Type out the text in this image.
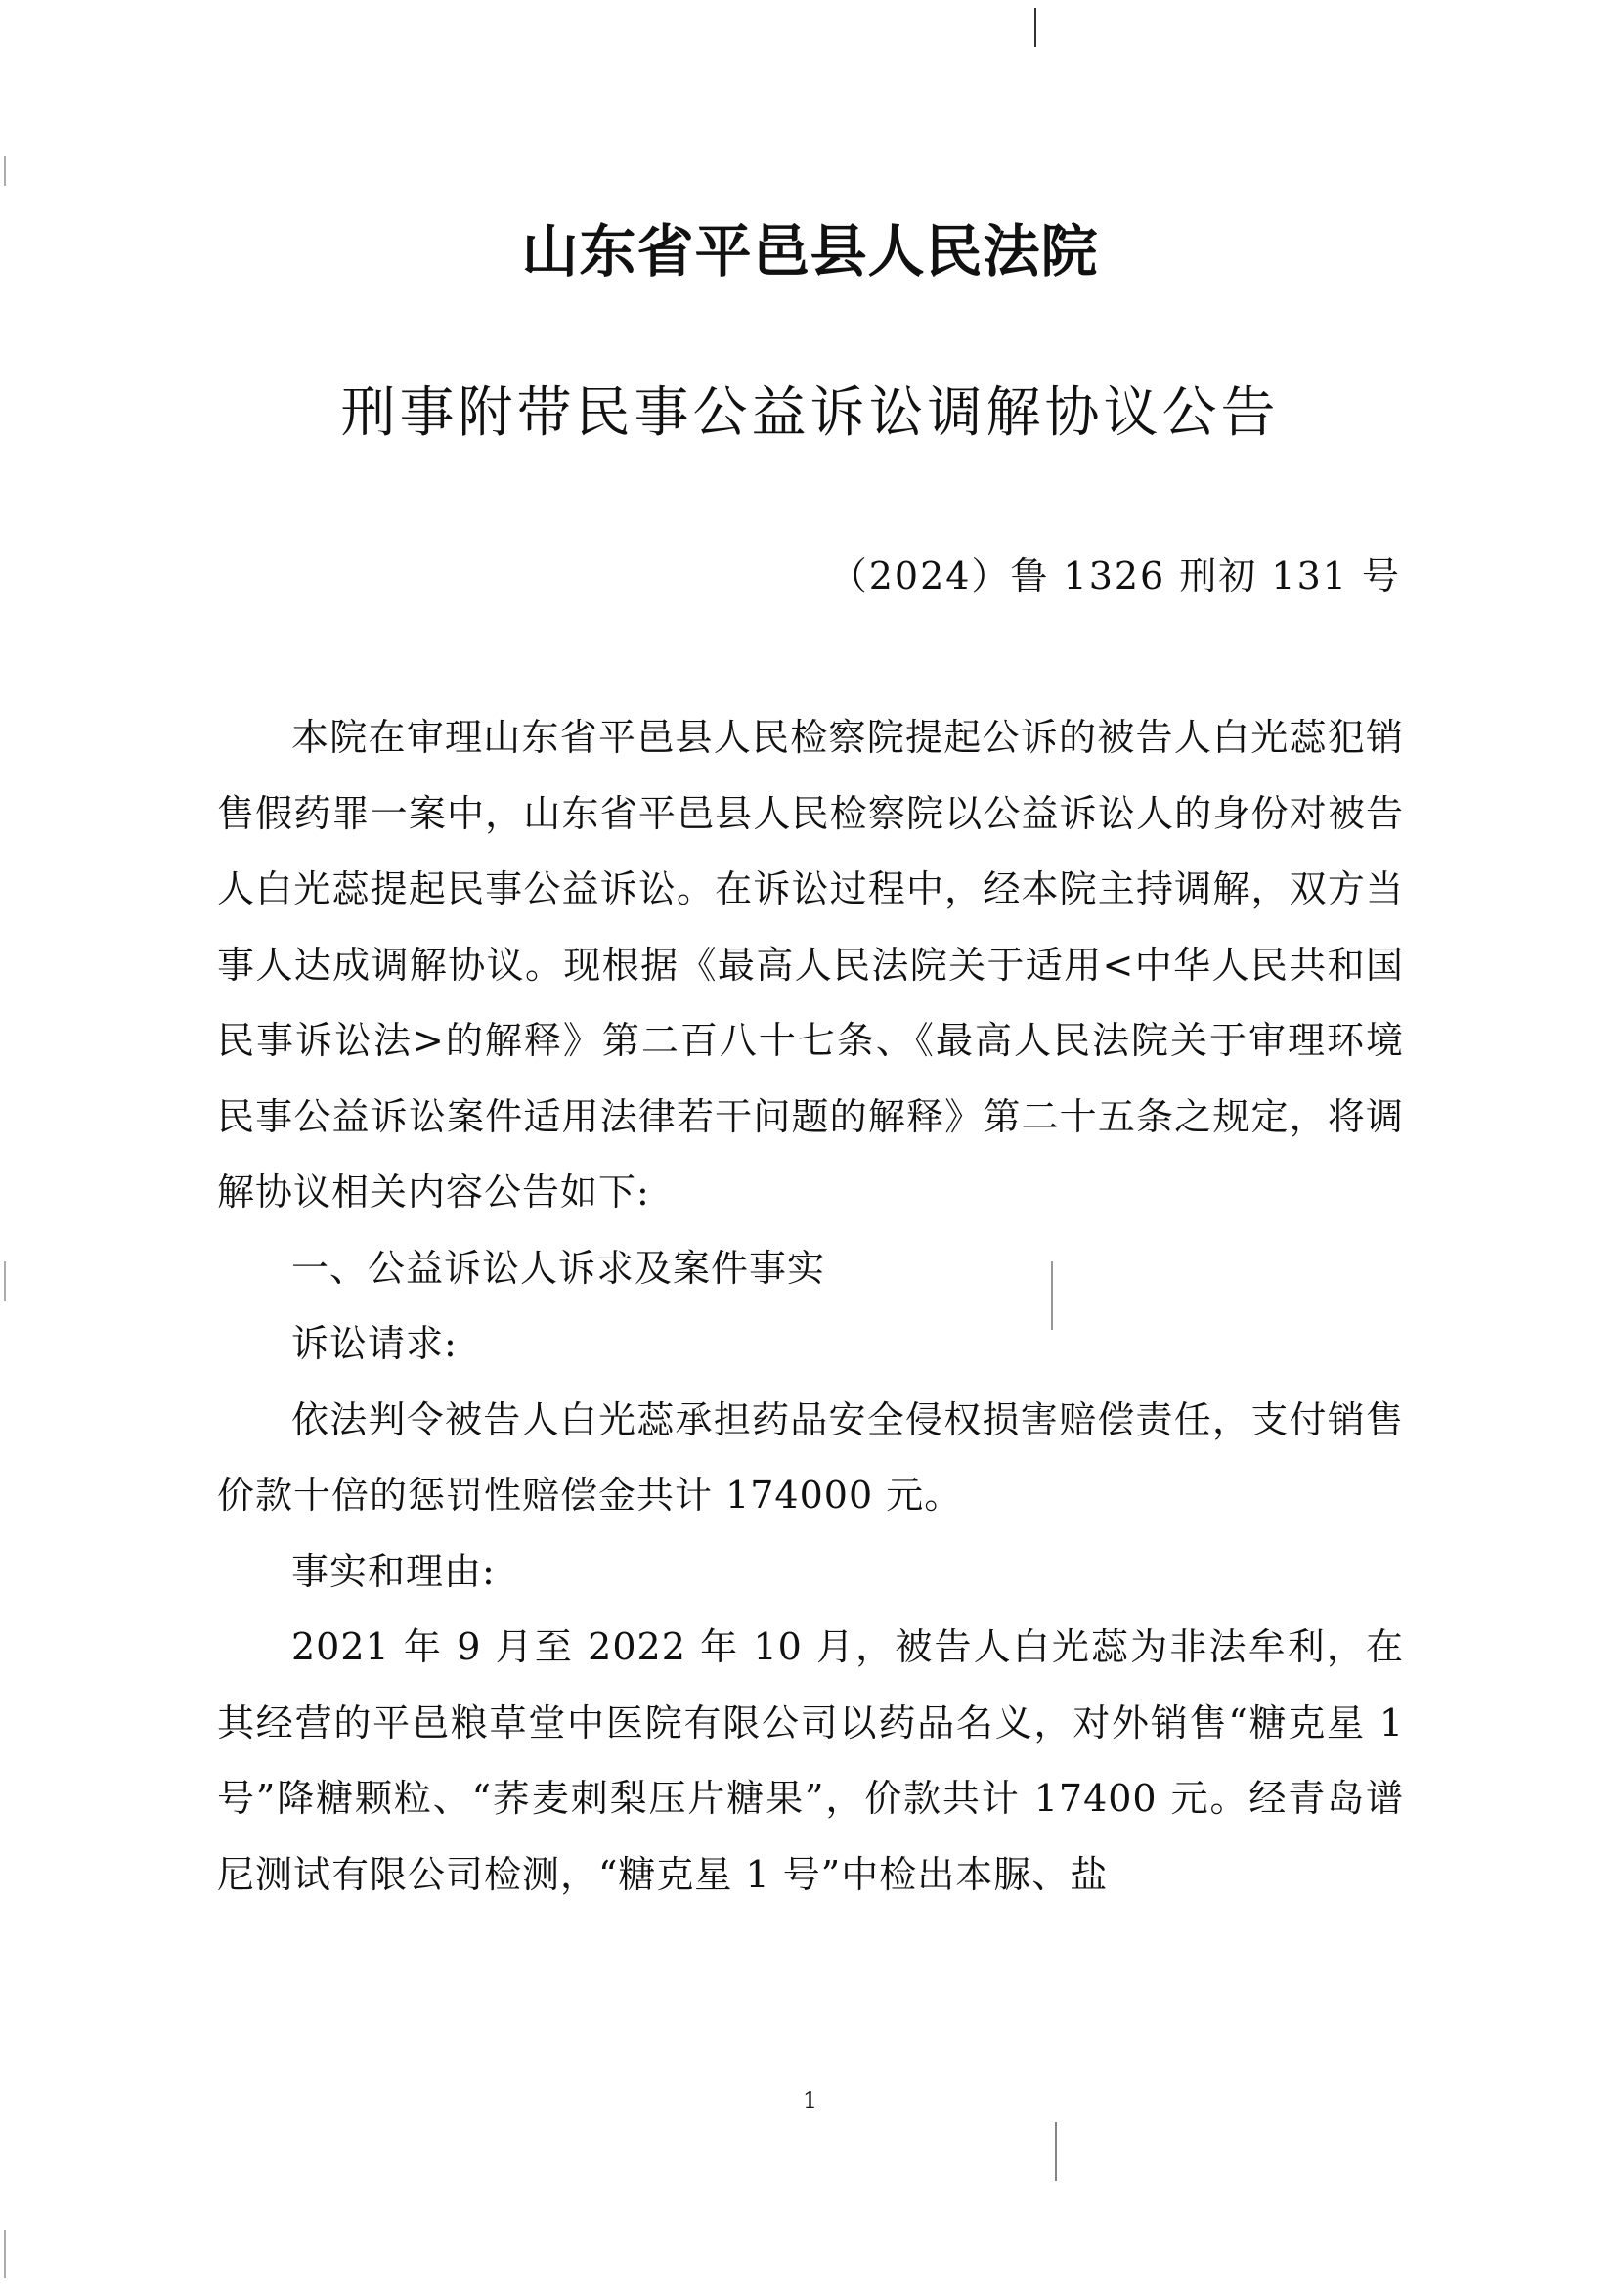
山东省平邑县人民法院
刑事附带民事公益诉讼调解协议公告
（2024）鲁 1326 刑初 131 号

本院在审理山东省平邑县人民检察院提起公诉的被告人白光蕊犯销售假药罪一案中，山东省平邑县人民检察院以公益诉讼人的身份对被告人白光蕊提起民事公益诉讼。在诉讼过程中，经本院主持调解，双方当事人达成调解协议。现根据《最高人民法院关于适用<中华人民共和国民事诉讼法>的解释》第二百八十七条、《最高人民法院关于审理环境民事公益诉讼案件适用法律若干问题的解释》第二十五条之规定，将调解协议相关内容公告如下:

一、公益诉讼人诉求及案件事实

诉讼请求:

依法判令被告人白光蕊承担药品安全侵权损害赔偿责任，支付销售价款十倍的惩罚性赔偿金共计 174000 元。

事实和理由:

2021 年 9 月至 2022 年 10 月，被告人白光蕊为非法牟利，在其经营的平邑粮草堂中医院有限公司以药品名义，对外销售“糖克星 1 号”降糖颗粒、“荞麦刺梨压片糖果”，价款共计 17400 元。经青岛谱尼测试有限公司检测，“糖克星 1 号”中检出本脲、盐

1
